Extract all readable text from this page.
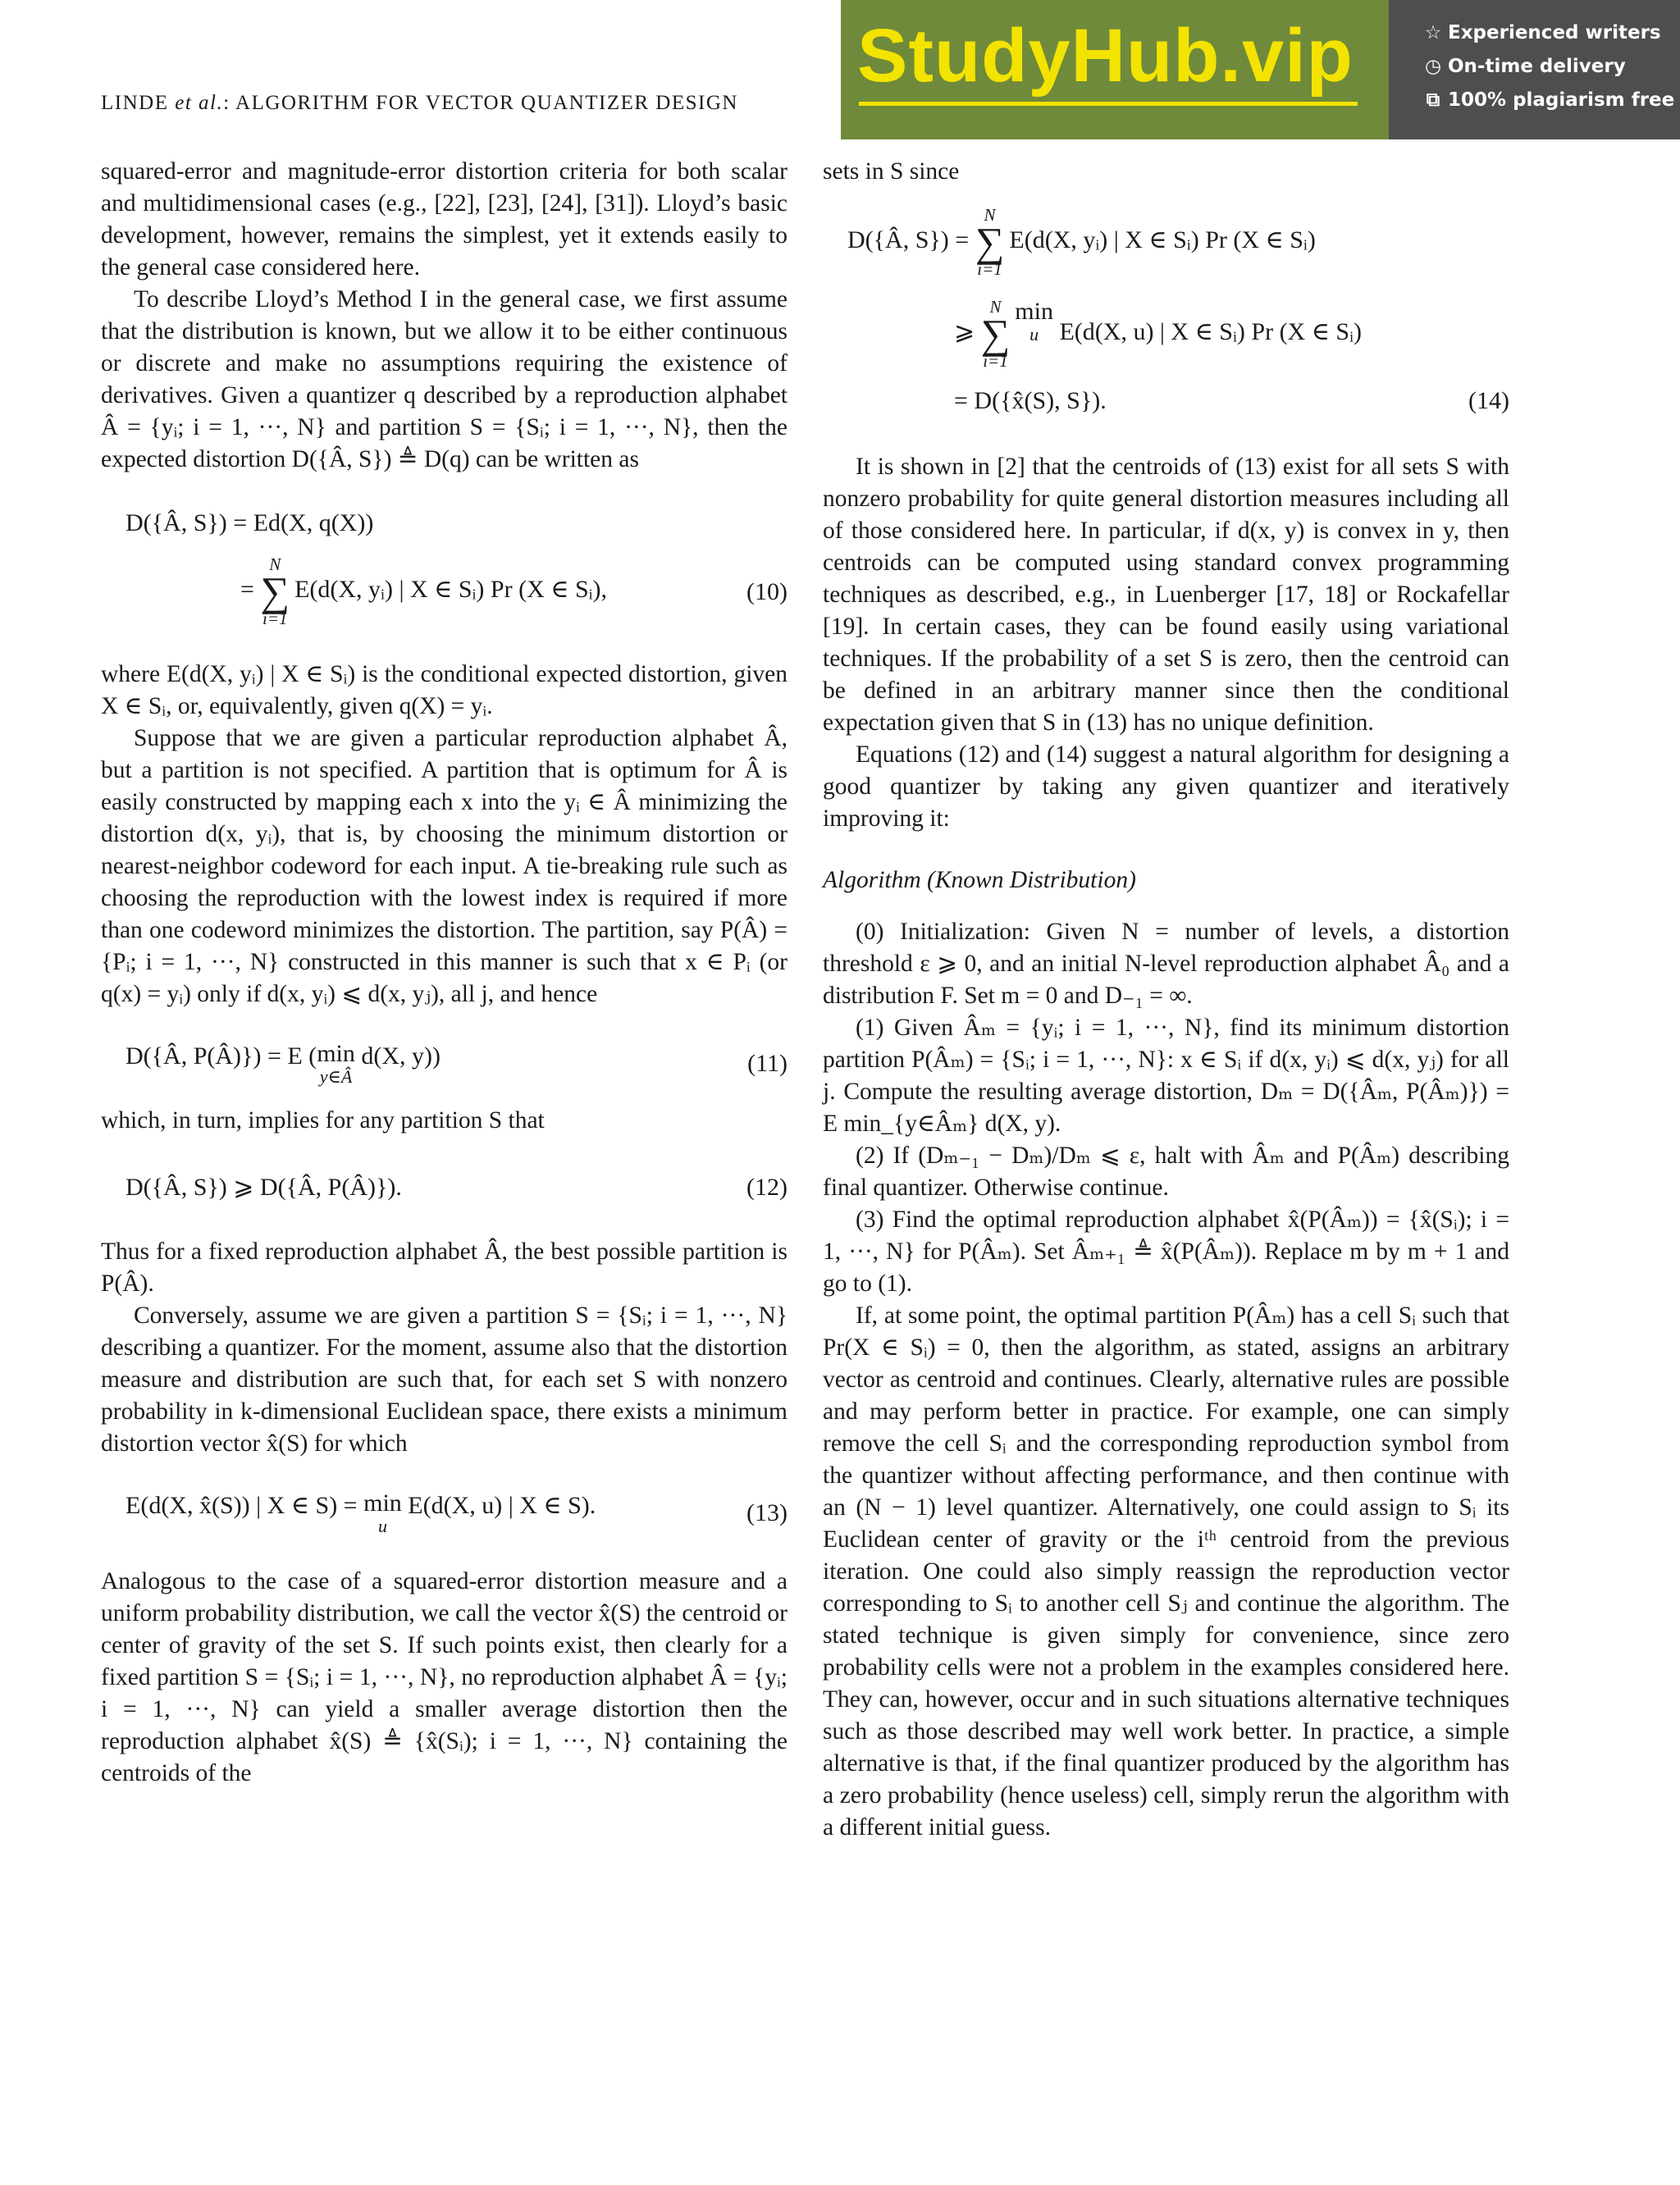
LINDE et al.: ALGORITHM FOR VECTOR QUANTIZER DESIGN
StudyHub.vip	☆ Experienced writers
◷ On-time delivery
⧉ 100% plagiarism free

squared-error and magnitude-error distortion criteria for both scalar and multidimensional cases (e.g., [22], [23], [24], [31]). Lloyd’s basic development, however, remains the simplest, yet it extends easily to the general case considered here.

To describe Lloyd’s Method I in the general case, we first assume that the distribution is known, but we allow it to be either continuous or discrete and make no assumptions requiring the existence of derivatives. Given a quantizer q described by a reproduction alphabet Â = {yᵢ; i = 1, ···, N} and partition S = {Sᵢ; i = 1, ···, N}, then the expected distortion D({Â, S}) ≜ D(q) can be written as

D({Â, S}) = Ed(X, q(X))
=
N
∑
i=1
E(d(X, yᵢ) | X ∈ Sᵢ) Pr (X ∈ Sᵢ),	(10)

where E(d(X, yᵢ) | X ∈ Sᵢ) is the conditional expected distortion, given X ∈ Sᵢ, or, equivalently, given q(X) = yᵢ.

Suppose that we are given a particular reproduction alphabet Â, but a partition is not specified. A partition that is optimum for Â is easily constructed by mapping each x into the yᵢ ∈ Â minimizing the distortion d(x, yᵢ), that is, by choosing the minimum distortion or nearest-neighbor codeword for each input. A tie-breaking rule such as choosing the reproduction with the lowest index is required if more than one codeword minimizes the distortion. The partition, say P(Â) = {Pᵢ; i = 1, ···, N} constructed in this manner is such that x ∈ Pᵢ (or q(x) = yᵢ) only if d(x, yᵢ) ⩽ d(x, yⱼ), all j, and hence

D({Â, P(Â)}) = E ( min
y∈Â
d(X, y))	(11)

which, in turn, implies for any partition S that

D({Â, S}) ⩾ D({Â, P(Â)}).	(12)

Thus for a fixed reproduction alphabet Â, the best possible partition is P(Â).

Conversely, assume we are given a partition S = {Sᵢ; i = 1, ···, N} describing a quantizer. For the moment, assume also that the distortion measure and distribution are such that, for each set S with nonzero probability in k-dimensional Euclidean space, there exists a minimum distortion vector x̂(S) for which

E(d(X, x̂(S)) | X ∈ S) = min
u
E(d(X, u) | X ∈ S).	(13)

Analogous to the case of a squared-error distortion measure and a uniform probability distribution, we call the vector x̂(S) the centroid or center of gravity of the set S. If such points exist, then clearly for a fixed partition S = {Sᵢ; i = 1, ···, N}, no reproduction alphabet Â = {yᵢ; i = 1, ···, N} can yield a smaller average distortion then the reproduction alphabet x̂(S) ≜ {x̂(Sᵢ); i = 1, ···, N} containing the centroids of the

sets in S since

D({Â, S}) =
N
∑
i=1
E(d(X, yᵢ) | X ∈ Sᵢ) Pr (X ∈ Sᵢ)
⩾
N
∑
i=1
min
u E(d(X, u) | X ∈ Sᵢ) Pr (X ∈ Sᵢ)
= D({x̂(S), S}).	(14)

It is shown in [2] that the centroids of (13) exist for all sets S with nonzero probability for quite general distortion measures including all of those considered here. In particular, if d(x, y) is convex in y, then centroids can be computed using standard convex programming techniques as described, e.g., in Luenberger [17, 18] or Rockafellar [19]. In certain cases, they can be found easily using variational techniques. If the probability of a set S is zero, then the centroid can be defined in an arbitrary manner since then the conditional expectation given that S in (13) has no unique definition.

Equations (12) and (14) suggest a natural algorithm for designing a good quantizer by taking any given quantizer and iteratively improving it:

Algorithm (Known Distribution)

(0) Initialization: Given N = number of levels, a distortion threshold ε ⩾ 0, and an initial N-level reproduction alphabet Â₀ and a distribution F. Set m = 0 and D₋₁ = ∞.

(1) Given Âₘ = {yᵢ; i = 1, ···, N}, find its minimum distortion partition P(Âₘ) = {Sᵢ; i = 1, ···, N}: x ∈ Sᵢ if d(x, yᵢ) ⩽ d(x, yⱼ) for all j. Compute the resulting average distortion, Dₘ = D({Âₘ, P(Âₘ)}) = E min_{y∈Âₘ} d(X, y).

(2) If (Dₘ₋₁ − Dₘ)/Dₘ ⩽ ε, halt with Âₘ and P(Âₘ) describing final quantizer. Otherwise continue.

(3) Find the optimal reproduction alphabet x̂(P(Âₘ)) = {x̂(Sᵢ); i = 1, ···, N} for P(Âₘ). Set Âₘ₊₁ ≜ x̂(P(Âₘ)). Replace m by m + 1 and go to (1).

If, at some point, the optimal partition P(Âₘ) has a cell Sᵢ such that Pr(X ∈ Sᵢ) = 0, then the algorithm, as stated, assigns an arbitrary vector as centroid and continues. Clearly, alternative rules are possible and may perform better in practice. For example, one can simply remove the cell Sᵢ and the corresponding reproduction symbol from the quantizer without affecting performance, and then continue with an (N − 1) level quantizer. Alternatively, one could assign to Sᵢ its Euclidean center of gravity or the iᵗʰ centroid from the previous iteration. One could also simply reassign the reproduction vector corresponding to Sᵢ to another cell Sⱼ and continue the algorithm. The stated technique is given simply for convenience, since zero probability cells were not a problem in the examples considered here. They can, however, occur and in such situations alternative techniques such as those described may well work better. In practice, a simple alternative is that, if the final quantizer produced by the algorithm has a zero probability (hence useless) cell, simply rerun the algorithm with a different initial guess.
